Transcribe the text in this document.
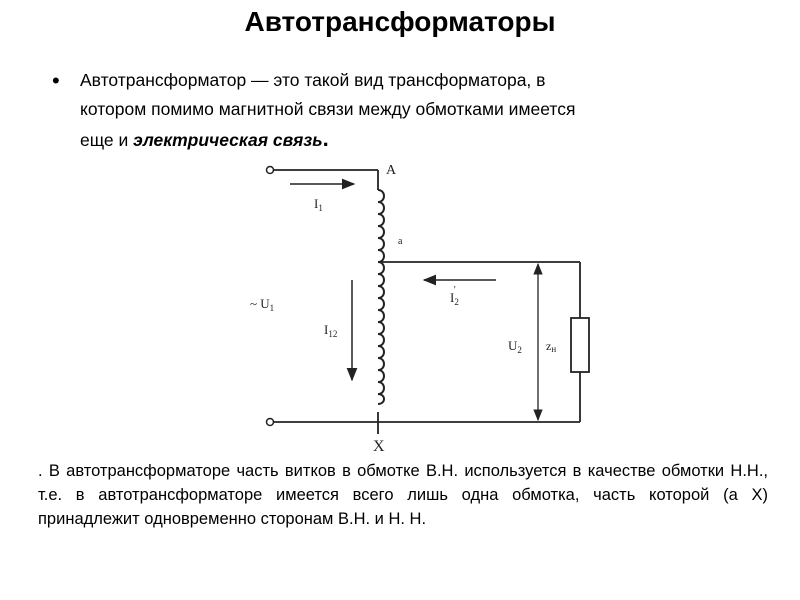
Автотрансформаторы
• Автотрансформатор — это такой вид трансформатора, в
котором помимо магнитной связи между обмотками имеется
еще и электрическая связь.
A
a
X
$I_1$
$I_2'$
$I_{12}$
~ $U_1$
$U_2$ zн
. В автотрансформаторе часть витков в обмотке В.Н. используется в качестве обмотки Н.Н., т.е. в автотрансформаторе имеется всего лишь одна обмотка, часть которой (а Х) принадлежит одновременно сторонам В.Н. и Н. Н.
